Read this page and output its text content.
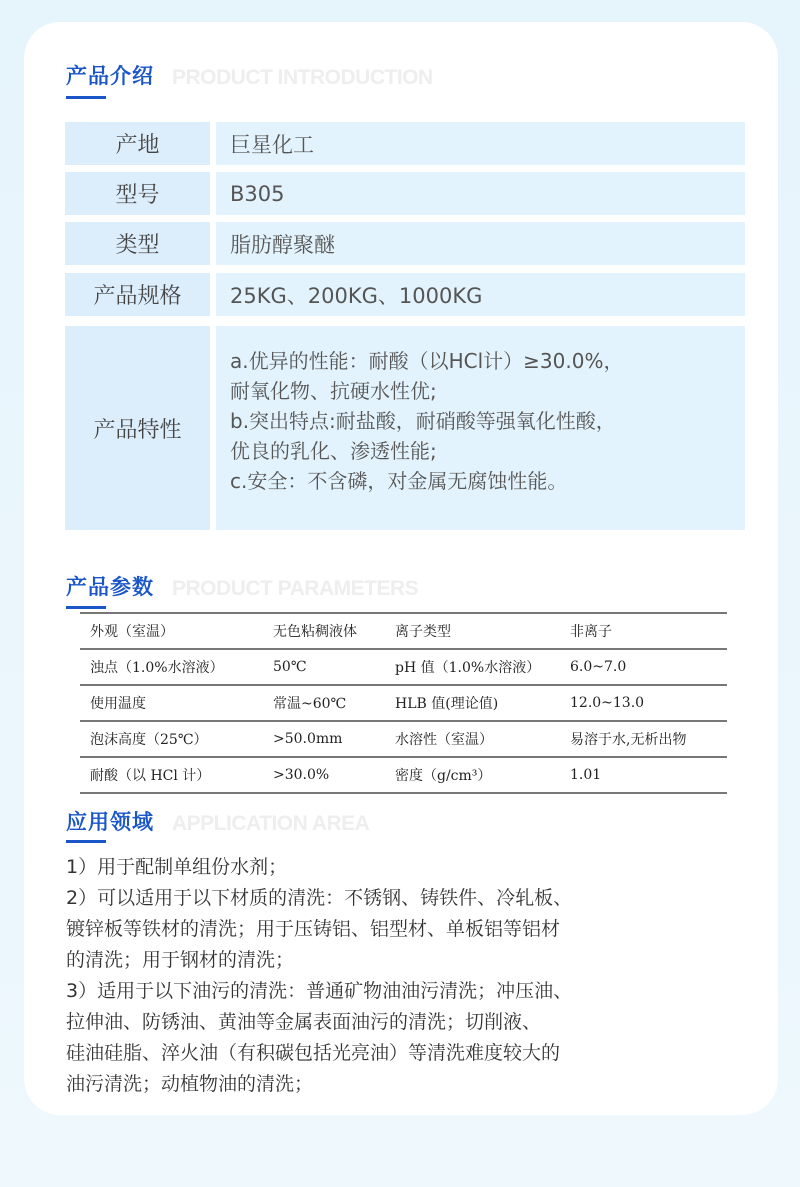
产品介绍 PRODUCT INTRODUCTION
产地	巨星化工
型号	B305
类型	脂肪醇聚醚
产品规格	25KG、200KG、1000KG
产品特性
a.优异的性能：耐酸（以HCl计）≥30.0%，
耐氧化物、抗硬水性优;
b.突出特点:耐盐酸，耐硝酸等强氧化性酸，
优良的乳化、渗透性能;
c.安全：不含磷，对金属无腐蚀性能。
产品参数 PRODUCT PARAMETERS
外观（室温）	无色粘稠液体	离子类型	非离子
浊点（1.0%水溶液）	50℃	pH 值（1.0%水溶液）	6.0~7.0
使用温度	常温~60℃	HLB 值(理论值)	12.0~13.0
泡沫高度（25℃）	>50.0mm	水溶性（室温）	易溶于水,无析出物
耐酸（以 HCl 计）	>30.0%	密度（g/cm³）	1.01
应用领域 APPLICATION AREA
1）用于配制单组份水剂；
2）可以适用于以下材质的清洗：不锈钢、铸铁件、冷轧板、
镀锌板等铁材的清洗；用于压铸铝、铝型材、单板铝等铝材
的清洗；用于钢材的清洗；
3）适用于以下油污的清洗：普通矿物油油污清洗；冲压油、
拉伸油、防锈油、黄油等金属表面油污的清洗；切削液、
硅油硅脂、淬火油（有积碳包括光亮油）等清洗难度较大的
油污清洗；动植物油的清洗；
